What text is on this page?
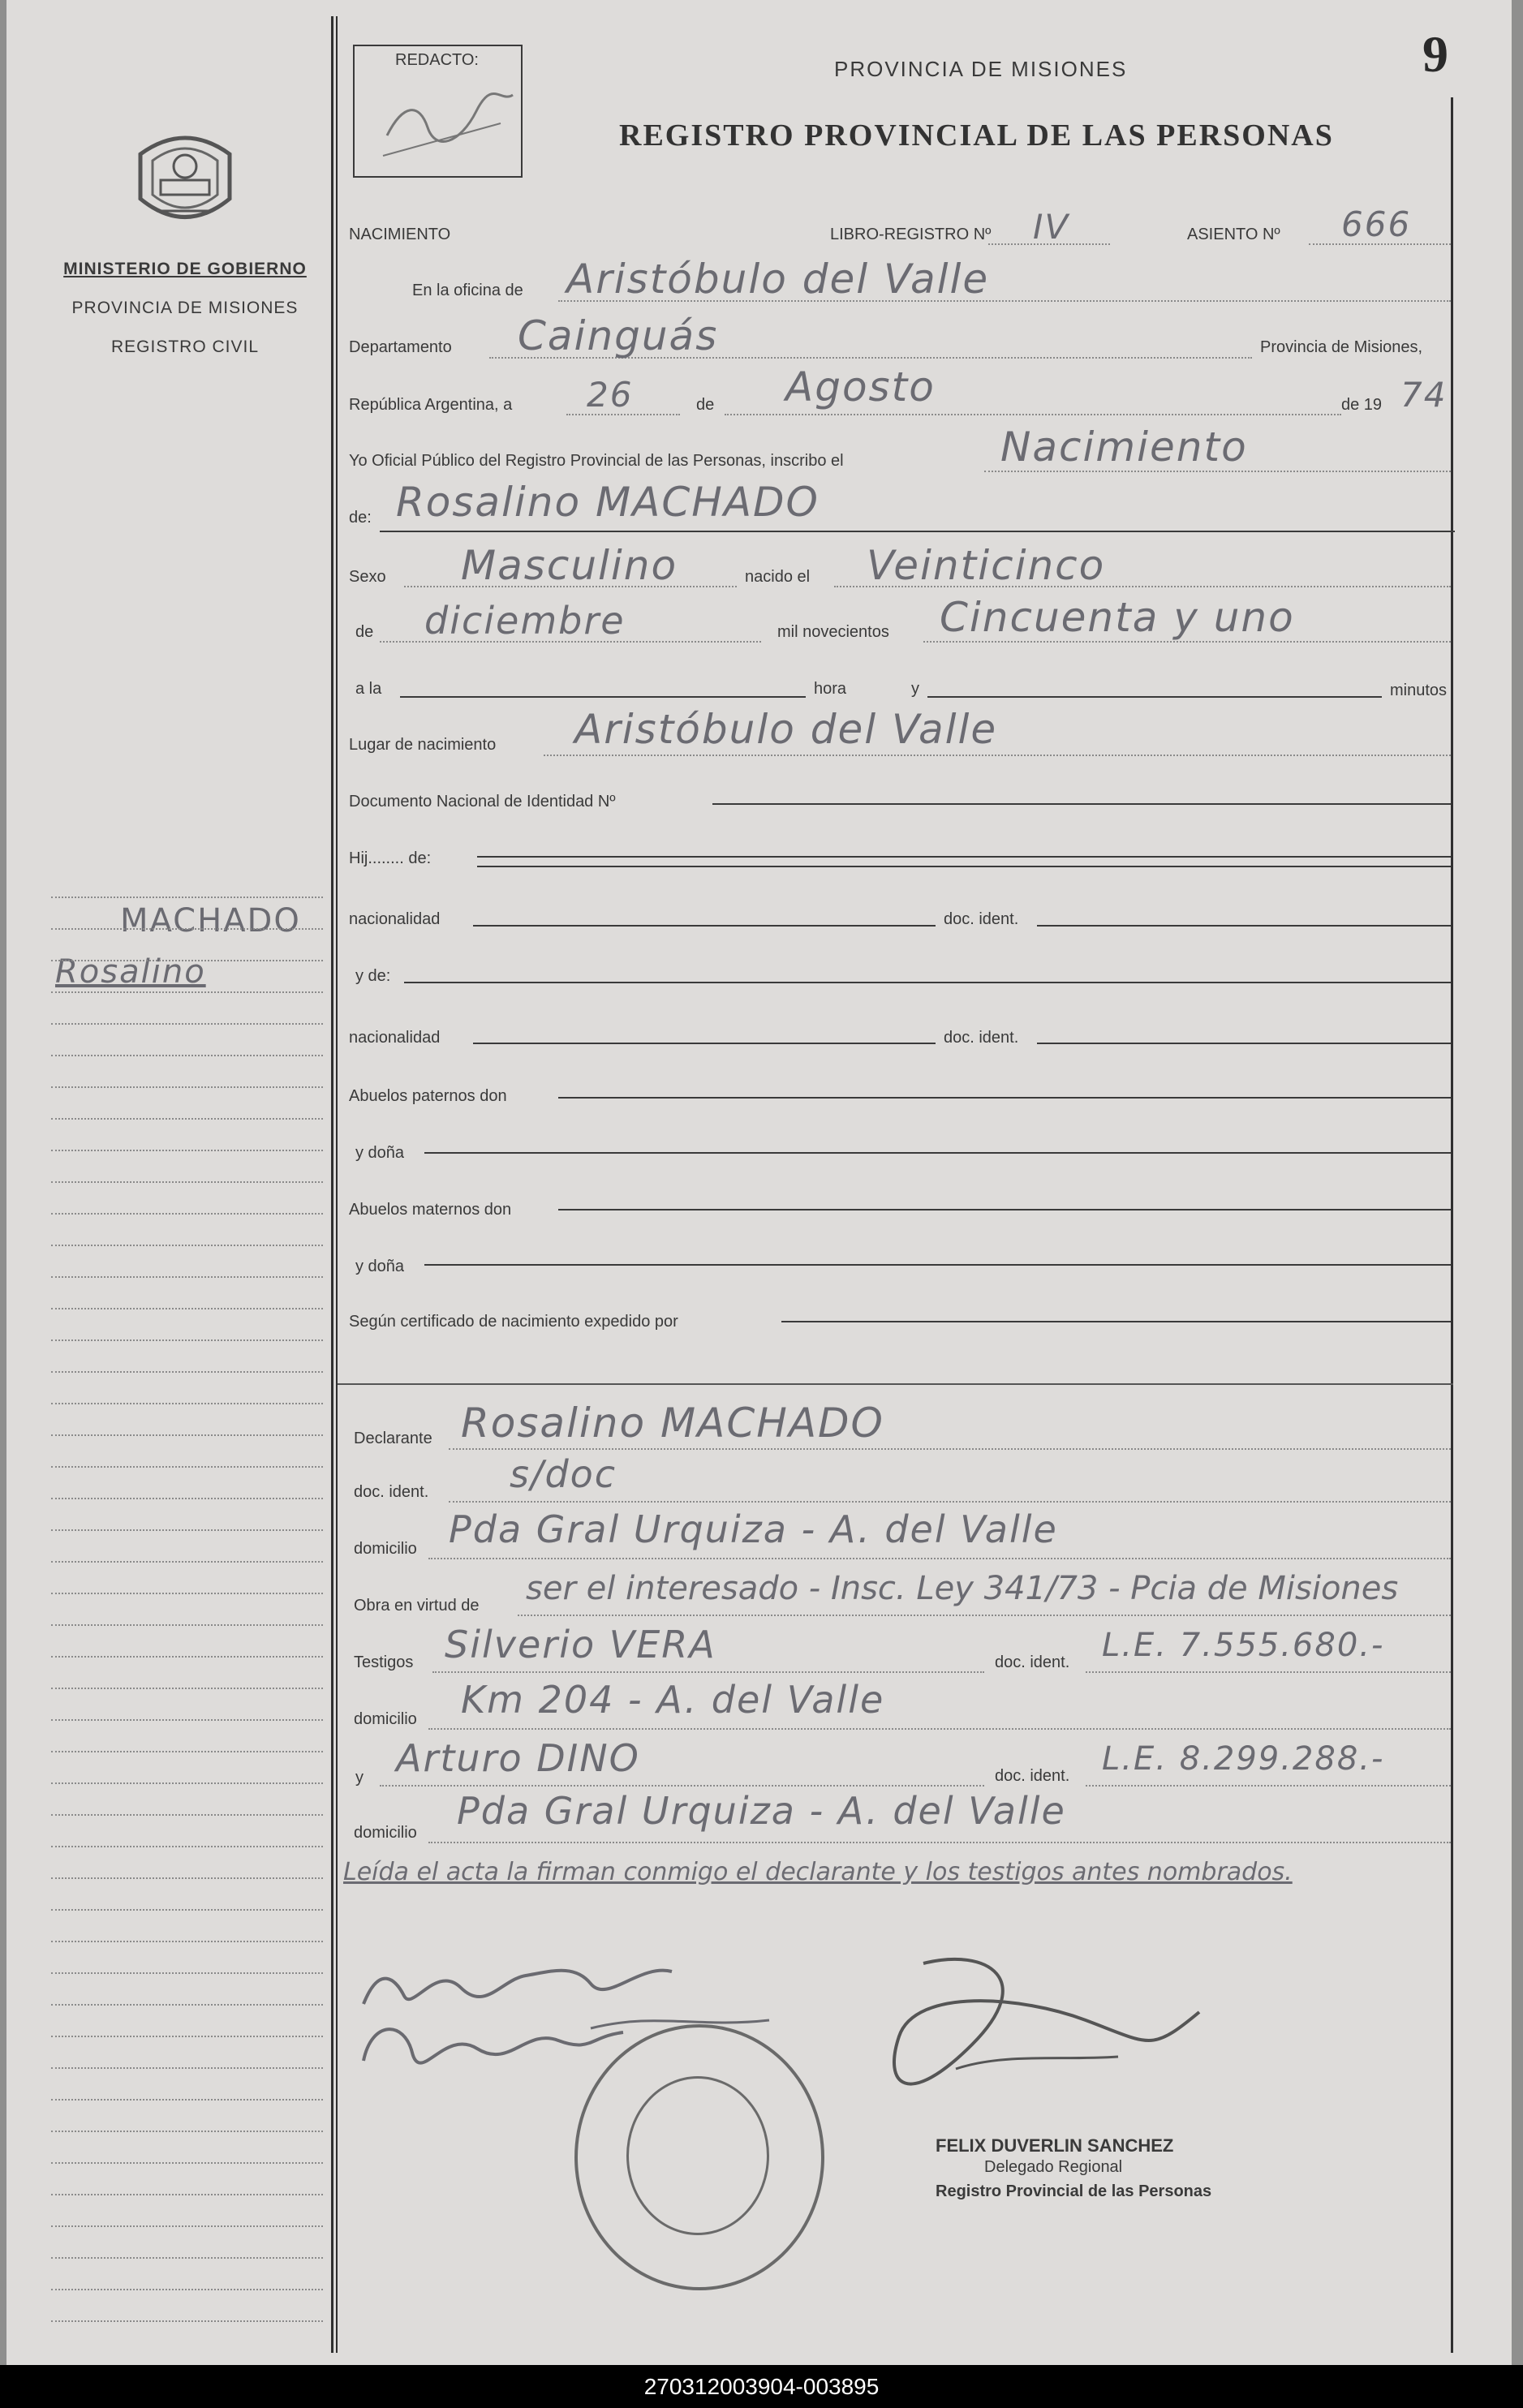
REDACTO:	PROVINCIA DE MISIONES
REGISTRO PROVINCIAL DE LAS PERSONAS
9
MINISTERIO DE GOBIERNO
PROVINCIA DE MISIONES
REGISTRO CIVIL
MACHADO
Rosalino
NACIMIENTO	LIBRO-REGISTRO Nº IV	ASIENTO Nº 666
En la oficina de Aristóbulo del Valle
Departamento Cainguás	Provincia de Misiones,
República Argentina, a 26	de Agosto	de 19 74
Yo Oficial Público del Registro Provincial de las Personas, inscribo el	Nacimiento
de: Rosalino MACHADO
Sexo Masculino	nacido el Veinticinco
de diciembre	mil novecientos Cincuenta y uno
a la	hora	y	minutos
Lugar de nacimiento Aristóbulo del Valle
Documento Nacional de Identidad Nº
Hij........ de:
nacionalidad	doc. ident.
y de:
nacionalidad	doc. ident.
Abuelos paternos don
y doña
Abuelos maternos don
y doña
Según certificado de nacimiento expedido por
Declarante Rosalino MACHADO
doc. ident. s/doc
domicilio Pda Gral Urquiza - A. del Valle
Obra en virtud de ser el interesado - Insc. Ley 341/73 - Pcia de Misiones
Testigos Silverio VERA	doc. ident. L.E. 7.555.680.-
domicilio Km 204 - A. del Valle
y Arturo DINO	doc. ident. L.E. 8.299.288.-
domicilio Pda Gral Urquiza - A. del Valle
Leída el acta la firman conmigo el declarante y los testigos antes nombrados.
FELIX DUVERLIN SANCHEZ
Delegado Regional
Registro Provincial de las Personas
270312003904-003895
